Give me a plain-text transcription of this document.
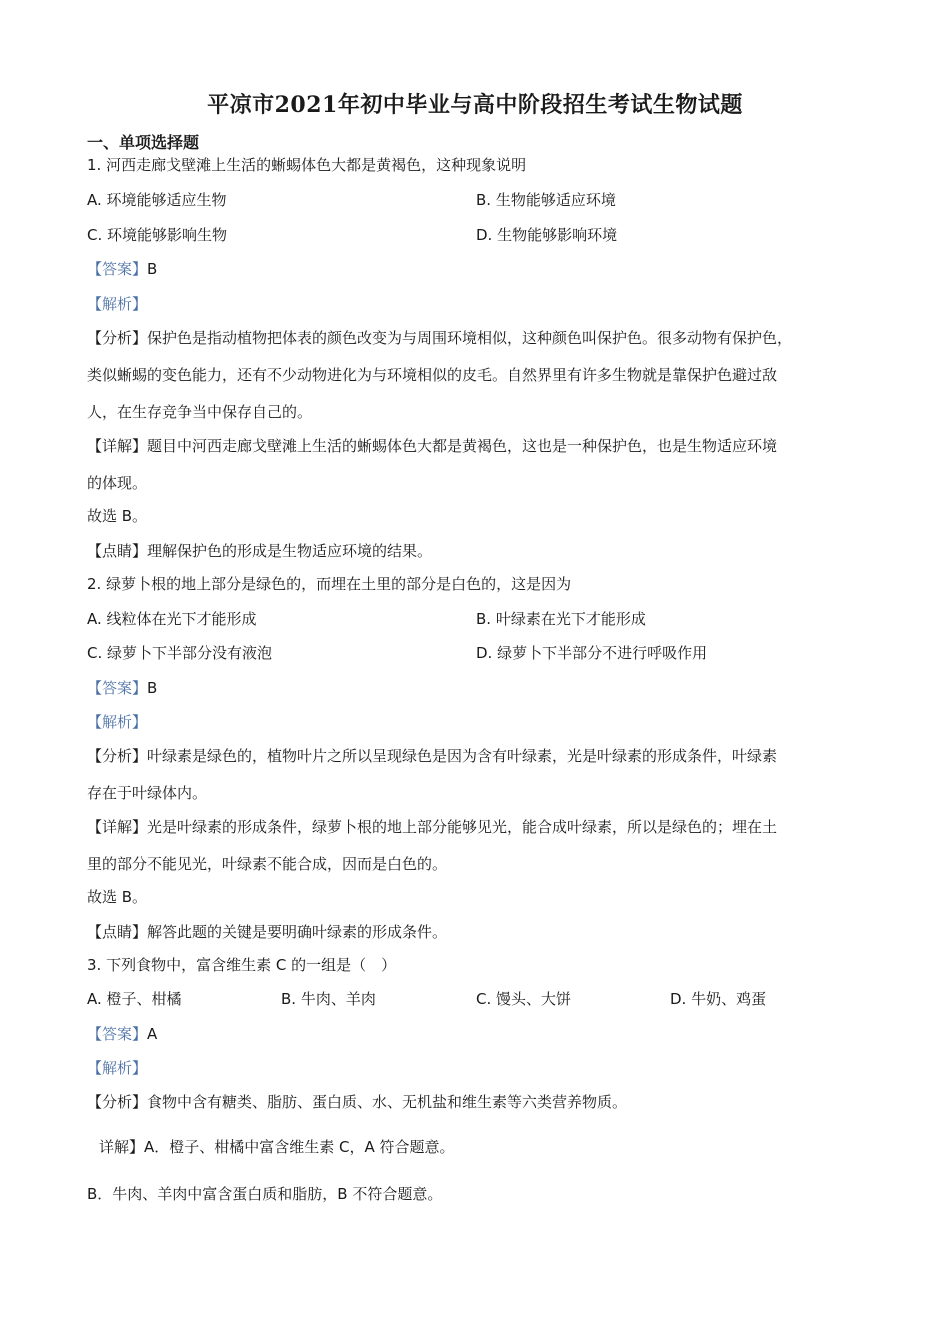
平凉市2021年初中毕业与高中阶段招生考试生物试题
一、单项选择题
1. 河西走廊戈壁滩上生活的蜥蜴体色大都是黄褐色，这种现象说明
A. 环境能够适应生物	B. 生物能够适应环境
C. 环境能够影响生物	D. 生物能够影响环境
【答案】B
【解析】
【分析】保护色是指动植物把体表的颜色改变为与周围环境相似，这种颜色叫保护色。很多动物有保护色，
类似蜥蜴的变色能力，还有不少动物进化为与环境相似的皮毛。自然界里有许多生物就是靠保护色避过敌
人，在生存竞争当中保存自己的。
【详解】题目中河西走廊戈壁滩上生活的蜥蜴体色大都是黄褐色，这也是一种保护色，也是生物适应环境
的体现。
故选 B。
【点睛】理解保护色的形成是生物适应环境的结果。
2. 绿萝卜根的地上部分是绿色的，而埋在土里的部分是白色的，这是因为
A. 线粒体在光下才能形成	B. 叶绿素在光下才能形成
C. 绿萝卜下半部分没有液泡	D. 绿萝卜下半部分不进行呼吸作用
【答案】B
【解析】
【分析】叶绿素是绿色的，植物叶片之所以呈现绿色是因为含有叶绿素，光是叶绿素的形成条件，叶绿素
存在于叶绿体内。
【详解】光是叶绿素的形成条件，绿萝卜根的地上部分能够见光，能合成叶绿素，所以是绿色的；埋在土
里的部分不能见光，叶绿素不能合成，因而是白色的。
故选 B。
【点睛】解答此题的关键是要明确叶绿素的形成条件。
3. 下列食物中，富含维生素 C 的一组是（　）
A. 橙子、柑橘	B. 牛肉、羊肉	C. 馒头、大饼	D. 牛奶、鸡蛋
【答案】A
【解析】
【分析】食物中含有糖类、脂肪、蛋白质、水、无机盐和维生素等六类营养物质。
详解】A．橙子、柑橘中富含维生素 C，A 符合题意。
B．牛肉、羊肉中富含蛋白质和脂肪，B 不符合题意。
